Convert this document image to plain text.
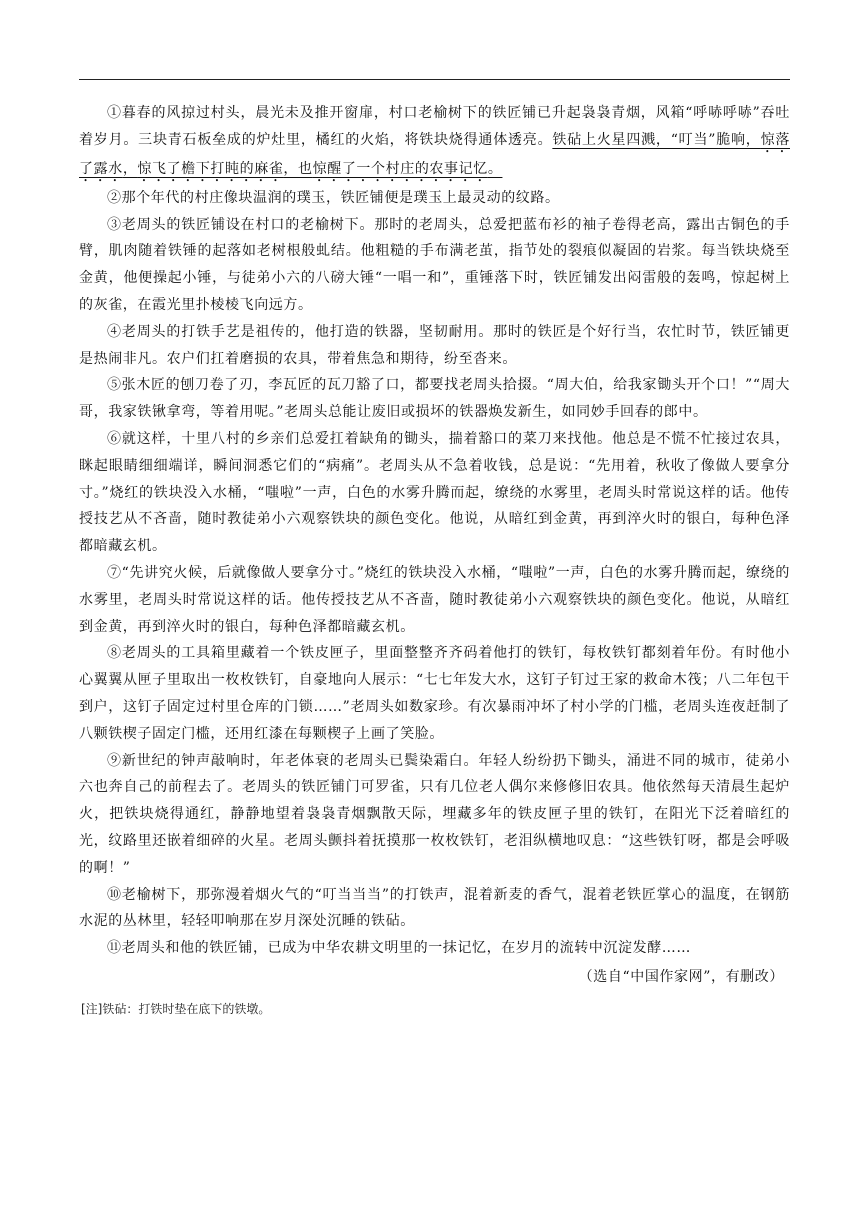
①暮春的风掠过村头，晨光未及推开窗扉，村口老榆树下的铁匠铺已升起袅袅青烟，风箱“呼哧呼哧”吞吐着岁月。三块青石板垒成的炉灶里，橘红的火焰，将铁块烧得通体透亮。铁砧上火星四溅，“叮当”脆响，惊落了露水，惊飞了檐下打盹的麻雀，也惊醒了一个村庄的农事记忆。

②那个年代的村庄像块温润的璞玉，铁匠铺便是璞玉上最灵动的纹路。

③老周头的铁匠铺设在村口的老榆树下。那时的老周头，总爱把蓝布衫的袖子卷得老高，露出古铜色的手臂，肌肉随着铁锤的起落如老树根般虬结。他粗糙的手布满老茧，指节处的裂痕似凝固的岩浆。每当铁块烧至金黄，他便操起小锤，与徒弟小六的八磅大锤“一唱一和”，重锤落下时，铁匠铺发出闷雷般的轰鸣，惊起树上的灰雀，在霞光里扑棱棱飞向远方。

④老周头的打铁手艺是祖传的，他打造的铁器，坚韧耐用。那时的铁匠是个好行当，农忙时节，铁匠铺更是热闹非凡。农户们扛着磨损的农具，带着焦急和期待，纷至沓来。

⑤张木匠的刨刀卷了刃，李瓦匠的瓦刀豁了口，都要找老周头拾掇。“周大伯，给我家锄头开个口！”“周大哥，我家铁锹拿弯，等着用呢。”老周头总能让废旧或损坏的铁器焕发新生，如同妙手回春的郎中。

⑥就这样，十里八村的乡亲们总爱扛着缺角的锄头，揣着豁口的菜刀来找他。他总是不慌不忙接过农具，眯起眼睛细细端详，瞬间洞悉它们的“病痛”。老周头从不急着收钱，总是说：“先用着，秋收了像做人要拿分寸。”烧红的铁块没入水桶，“嗤啦”一声，白色的水雾升腾而起，缭绕的水雾里，老周头时常说这样的话。他传授技艺从不吝啬，随时教徒弟小六观察铁块的颜色变化。他说，从暗红到金黄，再到淬火时的银白，每种色泽都暗藏玄机。

⑦“先讲究火候，后就像做人要拿分寸。”烧红的铁块没入水桶，“嗤啦”一声，白色的水雾升腾而起，缭绕的水雾里，老周头时常说这样的话。他传授技艺从不吝啬，随时教徒弟小六观察铁块的颜色变化。他说，从暗红到金黄，再到淬火时的银白，每种色泽都暗藏玄机。

⑧老周头的工具箱里藏着一个铁皮匣子，里面整整齐齐码着他打的铁钉，每枚铁钉都刻着年份。有时他小心翼翼从匣子里取出一枚枚铁钉，自豪地向人展示：“七七年发大水，这钉子钉过王家的救命木筏；八二年包干到户，这钉子固定过村里仓库的门锁……”老周头如数家珍。有次暴雨冲坏了村小学的门槛，老周头连夜赶制了八颗铁楔子固定门槛，还用红漆在每颗楔子上画了笑脸。

⑨新世纪的钟声敲响时，年老体衰的老周头已鬓染霜白。年轻人纷纷扔下锄头，涌进不同的城市，徒弟小六也奔自己的前程去了。老周头的铁匠铺门可罗雀，只有几位老人偶尔来修修旧农具。他依然每天清晨生起炉火，把铁块烧得通红，静静地望着袅袅青烟飘散天际，埋藏多年的铁皮匣子里的铁钉，在阳光下泛着暗红的光，纹路里还嵌着细碎的火星。老周头颤抖着抚摸那一枚枚铁钉，老泪纵横地叹息：“这些铁钉呀，都是会呼吸的啊！”

⑩老榆树下，那弥漫着烟火气的“叮当当当”的打铁声，混着新麦的香气，混着老铁匠掌心的温度，在钢筋水泥的丛林里，轻轻叩响那在岁月深处沉睡的铁砧。

⑪老周头和他的铁匠铺，已成为中华农耕文明里的一抹记忆，在岁月的流转中沉淀发酵……

（选自“中国作家网”，有删改）

[注]铁砧：打铁时垫在底下的铁墩。
